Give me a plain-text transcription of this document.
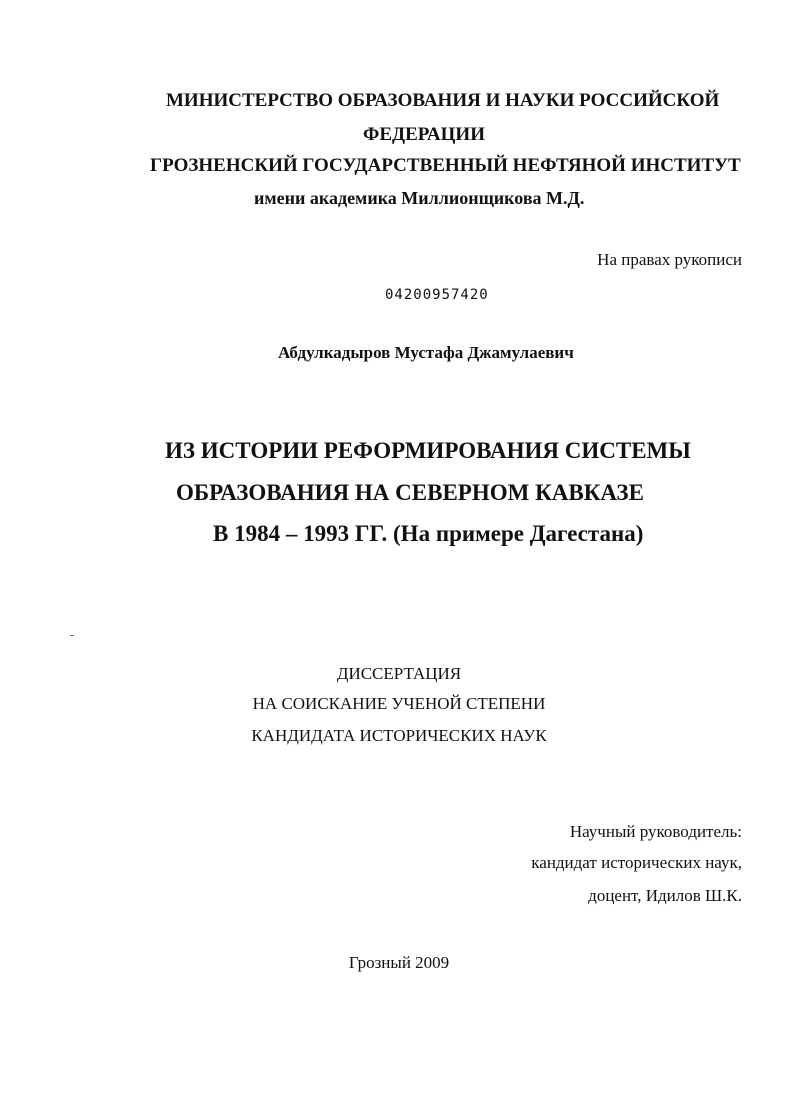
МИНИСТЕРСТВО ОБРАЗОВАНИЯ И НАУКИ РОССИЙСКОЙ
ФЕДЕРАЦИИ
ГРОЗНЕНСКИЙ ГОСУДАРСТВЕННЫЙ НЕФТЯНОЙ ИНСТИТУТ
имени академика Миллионщикова М.Д.
На правах рукописи
04200957420
Абдулкадыров Мустафа Джамулаевич
ИЗ ИСТОРИИ РЕФОРМИРОВАНИЯ СИСТЕМЫ
ОБРАЗОВАНИЯ НА СЕВЕРНОМ КАВКАЗЕ
В 1984 – 1993 ГГ. (На примере Дагестана)
ДИССЕРТАЦИЯ
НА СОИСКАНИЕ УЧЕНОЙ СТЕПЕНИ
КАНДИДАТА ИСТОРИЧЕСКИХ НАУК
Научный руководитель:
кандидат исторических наук,
доцент, Идилов Ш.К.
Грозный 2009
